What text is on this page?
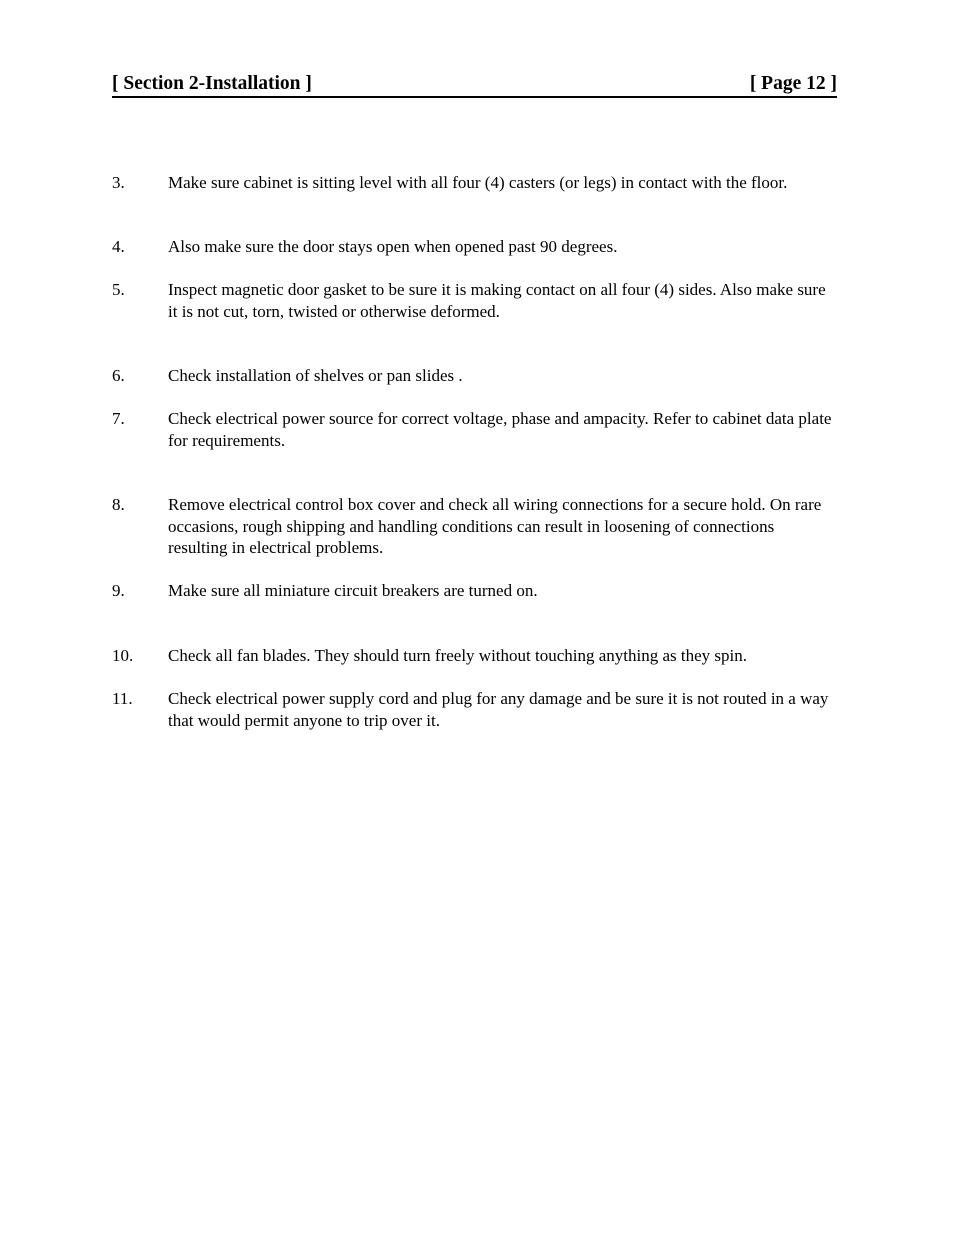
[ Section 2-Installation ]	[ Page 12 ]
3.	Make sure cabinet is sitting level with all four (4) casters (or legs) in contact with the floor.
4.	Also make sure the door stays open when opened past 90 degrees.
5.	Inspect magnetic door gasket to be sure it is making contact on all four (4) sides. Also make sure it is not cut, torn, twisted or otherwise deformed.
6.	Check installation of shelves or pan slides .
7.	Check electrical power source for correct voltage, phase and ampacity. Refer to cabinet data plate for requirements.
8.	Remove electrical control box cover and check all wiring connections for a secure hold. On rare occasions, rough shipping and handling conditions can result in loosening of connections resulting in electrical problems.
9.	Make sure all miniature circuit breakers are turned on.
10.	Check all fan blades. They should turn freely without touching anything as they spin.
11.	Check electrical power supply cord and plug for any damage and be sure it is not routed in a way that would permit anyone to trip over it.
